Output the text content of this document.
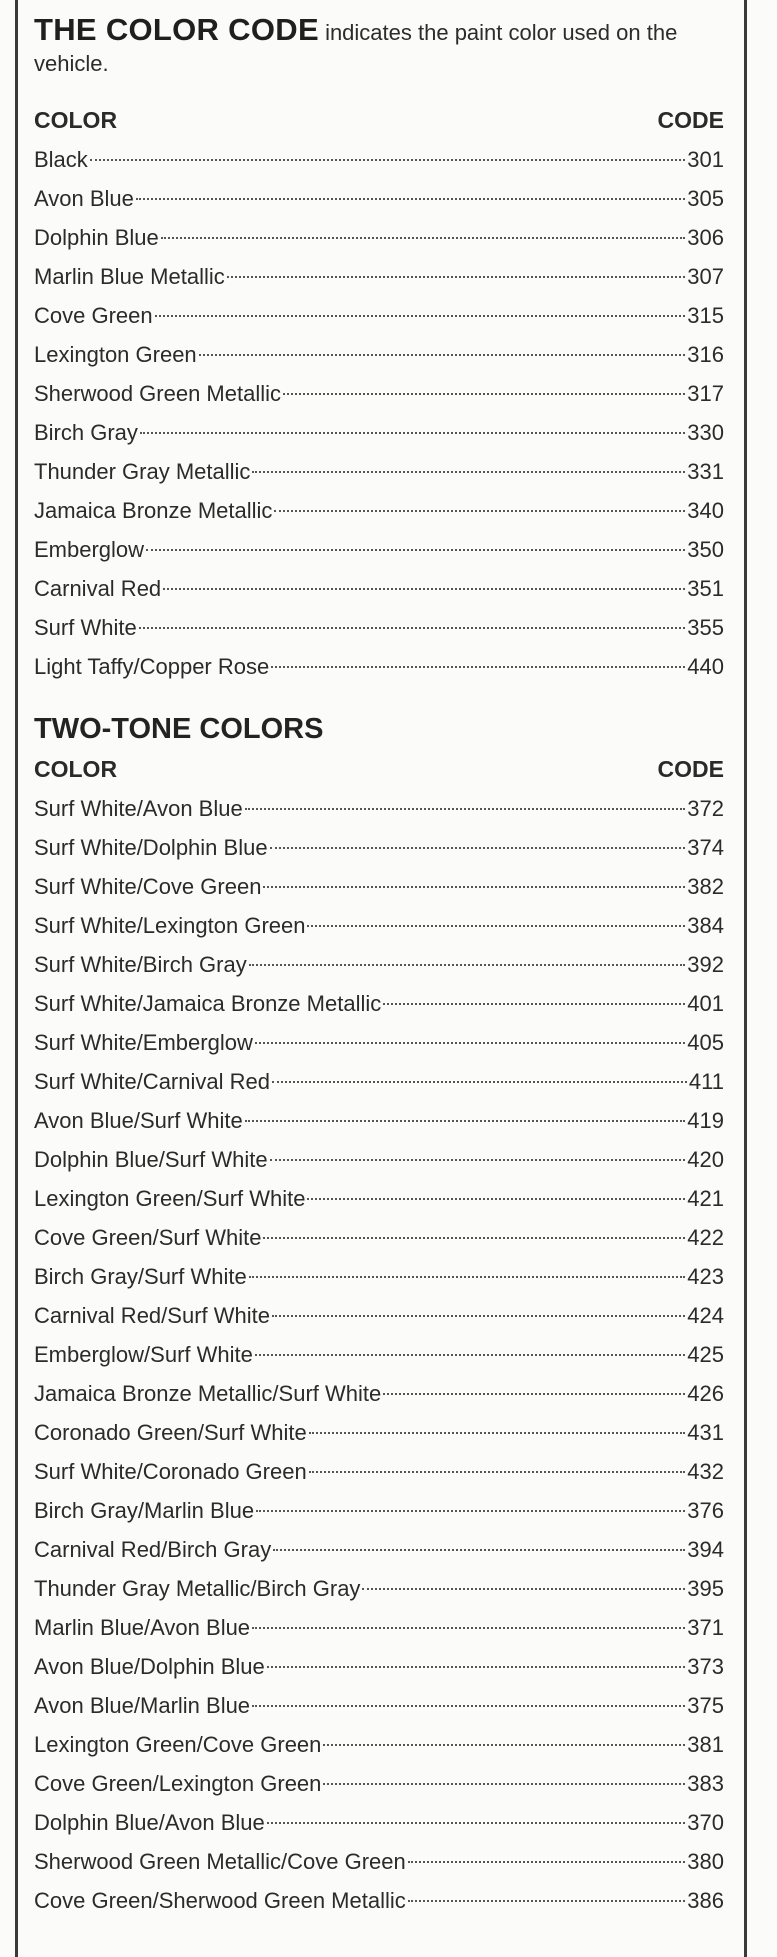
THE COLOR CODE indicates the paint color used on the vehicle.

COLOR	CODE
Black	301
Avon Blue	305
Dolphin Blue	306
Marlin Blue Metallic	307
Cove Green	315
Lexington Green	316
Sherwood Green Metallic	317
Birch Gray	330
Thunder Gray Metallic	331
Jamaica Bronze Metallic	340
Emberglow	350
Carnival Red	351
Surf White	355
Light Taffy/Copper Rose	440
TWO-TONE COLORS
COLOR	CODE
Surf White/Avon Blue	372
Surf White/Dolphin Blue	374
Surf White/Cove Green	382
Surf White/Lexington Green	384
Surf White/Birch Gray	392
Surf White/Jamaica Bronze Metallic	401
Surf White/Emberglow	405
Surf White/Carnival Red	411
Avon Blue/Surf White	419
Dolphin Blue/Surf White	420
Lexington Green/Surf White	421
Cove Green/Surf White	422
Birch Gray/Surf White	423
Carnival Red/Surf White	424
Emberglow/Surf White	425
Jamaica Bronze Metallic/Surf White	426
Coronado Green/Surf White	431
Surf White/Coronado Green	432
Birch Gray/Marlin Blue	376
Carnival Red/Birch Gray	394
Thunder Gray Metallic/Birch Gray	395
Marlin Blue/Avon Blue	371
Avon Blue/Dolphin Blue	373
Avon Blue/Marlin Blue	375
Lexington Green/Cove Green	381
Cove Green/Lexington Green	383
Dolphin Blue/Avon Blue	370
Sherwood Green Metallic/Cove Green	380
Cove Green/Sherwood Green Metallic	386
